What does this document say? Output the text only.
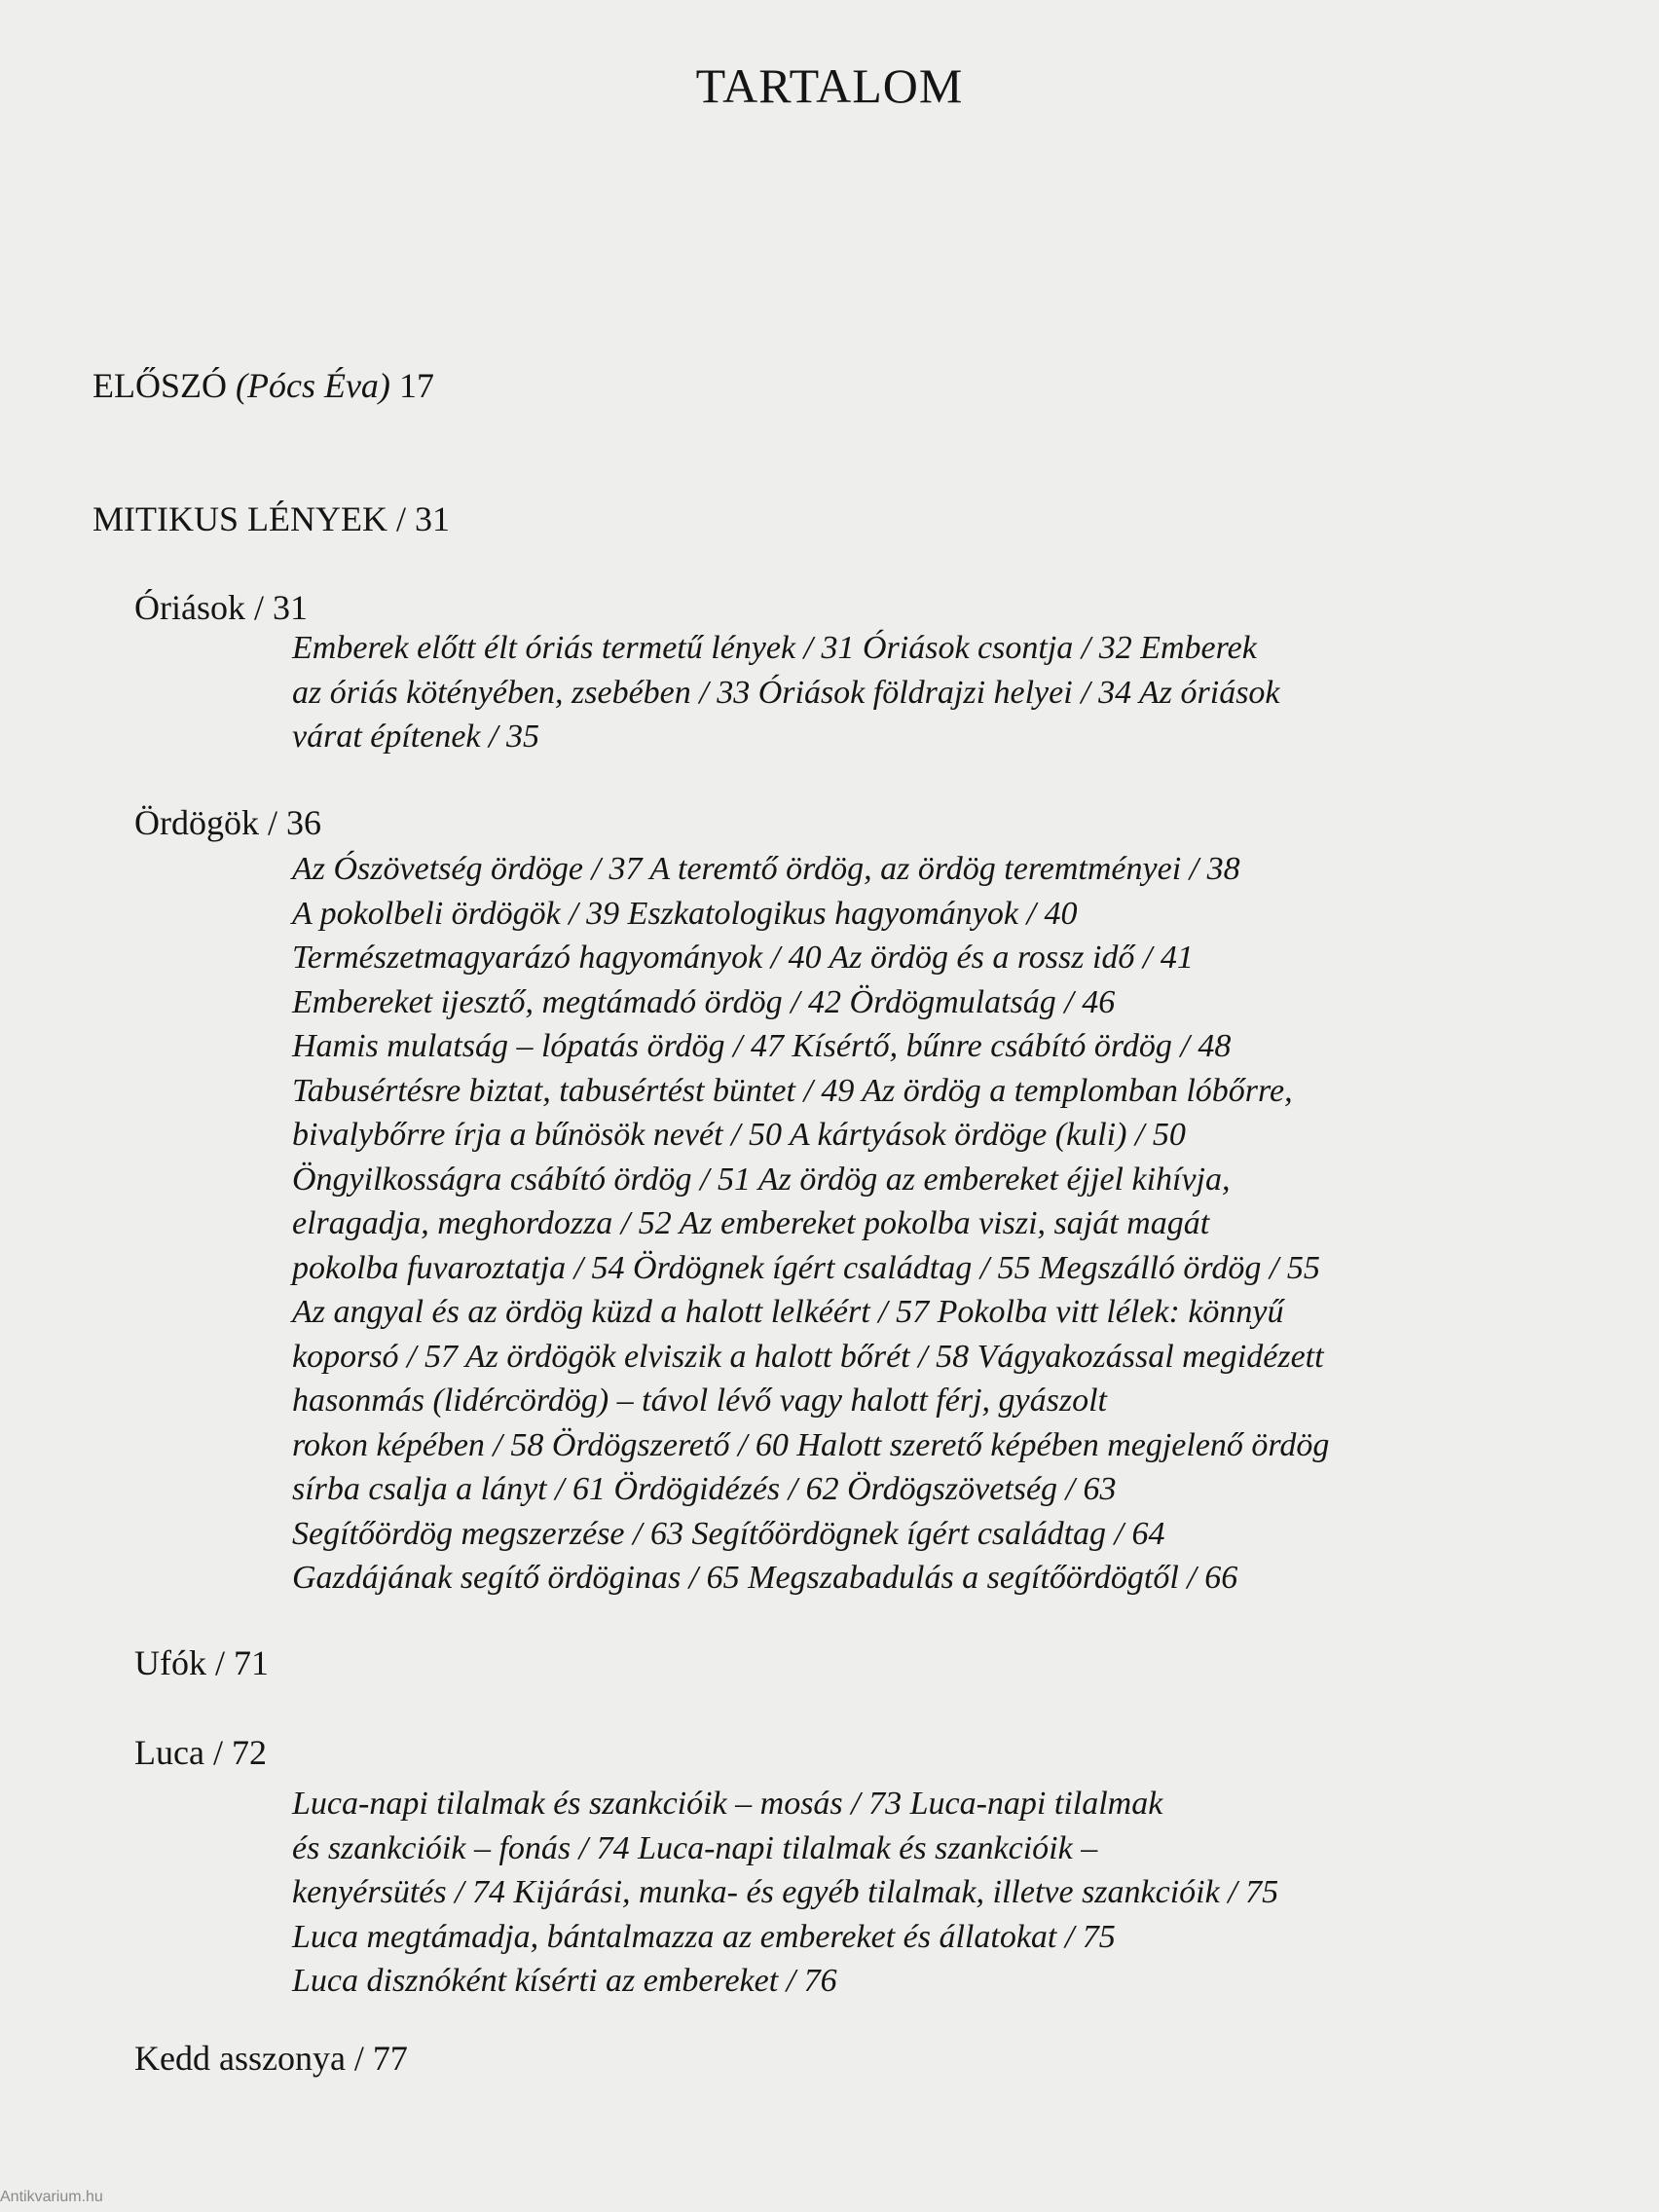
TARTALOM
ELŐSZÓ (Pócs Éva) 17
MITIKUS LÉNYEK / 31
Óriások / 31
Emberek előtt élt óriás termetű lények / 31 Óriások csontja / 32 Emberek
az óriás kötényében, zsebében / 33 Óriások földrajzi helyei / 34 Az óriások
várat építenek / 35
Ördögök / 36
Az Ószövetség ördöge / 37 A teremtő ördög, az ördög teremtményei / 38
A pokolbeli ördögök / 39 Eszkatologikus hagyományok / 40
Természetmagyarázó hagyományok / 40 Az ördög és a rossz idő / 41
Embereket ijesztő, megtámadó ördög / 42 Ördögmulatság / 46
Hamis mulatság – lópatás ördög / 47 Kísértő, bűnre csábító ördög / 48
Tabusértésre biztat, tabusértést büntet / 49 Az ördög a templomban lóbőrre,
bivalybőrre írja a bűnösök nevét / 50 A kártyások ördöge (kuli) / 50
Öngyilkosságra csábító ördög / 51 Az ördög az embereket éjjel kihívja,
elragadja, meghordozza / 52 Az embereket pokolba viszi, saját magát
pokolba fuvaroztatja / 54 Ördögnek ígért családtag / 55 Megszálló ördög / 55
Az angyal és az ördög küzd a halott lelkéért / 57 Pokolba vitt lélek: könnyű
koporsó / 57 Az ördögök elviszik a halott bőrét / 58 Vágyakozással megidézett
hasonmás (lidércördög) – távol lévő vagy halott férj, gyászolt
rokon képében / 58 Ördögszerető / 60 Halott szerető képében megjelenő ördög
sírba csalja a lányt / 61 Ördögidézés / 62 Ördögszövetség / 63
Segítőördög megszerzése / 63 Segítőördögnek ígért családtag / 64
Gazdájának segítő ördöginas / 65 Megszabadulás a segítőördögtől / 66
Ufók / 71
Luca / 72
Luca-napi tilalmak és szankcióik – mosás / 73 Luca-napi tilalmak
és szankcióik – fonás / 74 Luca-napi tilalmak és szankcióik –
kenyérsütés / 74 Kijárási, munka- és egyéb tilalmak, illetve szankcióik / 75
Luca megtámadja, bántalmazza az embereket és állatokat / 75
Luca disznóként kísérti az embereket / 76
Kedd asszonya / 77
Antikvarium.hu
